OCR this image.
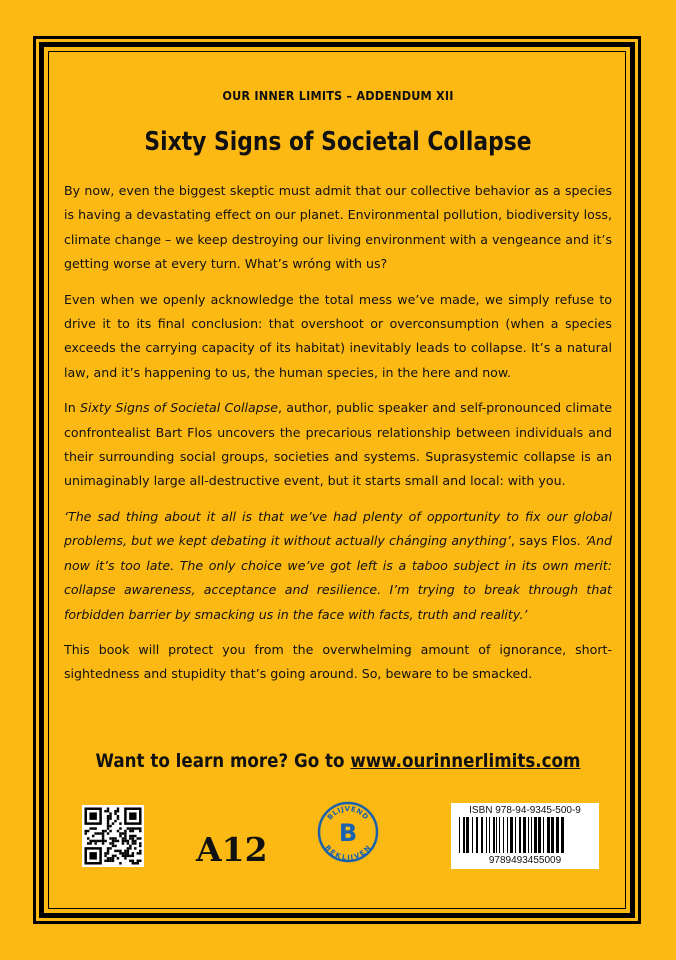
OUR INNER LIMITS – ADDENDUM XII
Sixty Signs of Societal Collapse

By now, even the biggest skeptic must admit that our collective behavior as a species is having a devastating effect on our planet. Environmental pollution, biodiversity loss, climate change – we keep destroying our living environment with a vengeance and it’s getting worse at every turn. What’s wróng with us?

Even when we openly acknowledge the total mess we’ve made, we simply refuse to drive it to its final conclusion: that overshoot or overconsumption (when a species exceeds the carrying capacity of its habitat) inevitably leads to collapse. It’s a natural law, and it’s happening to us, the human species, in the here and now.

In Sixty Signs of Societal Collapse, author, public speaker and self-pronounced climate confrontealist Bart Flos uncovers the precarious relationship between individuals and their surrounding social groups, societies and systems. Suprasystemic collapse is an unimaginably large all-destructive event, but it starts small and local: with you.

‘The sad thing about it all is that we’ve had plenty of opportunity to fix our global problems, but we kept debating it without actually chánging anything’, says Flos. ‘And now it’s too late. The only choice we’ve got left is a taboo subject in its own merit: collapse awareness, acceptance and resilience. I’m trying to break through that forbidden barrier by smacking us in the face with facts, truth and reality.’

This book will protect you from the overwhelming amount of ignorance, short-sightedness and stupidity that’s going around. So, beware to be smacked.

Want to learn more? Go to www.ourinnerlimits.com
A12
BLIJVEND
BEKLIJVEN
B
ISBN 978-94-9345-500-9
9789493455009
